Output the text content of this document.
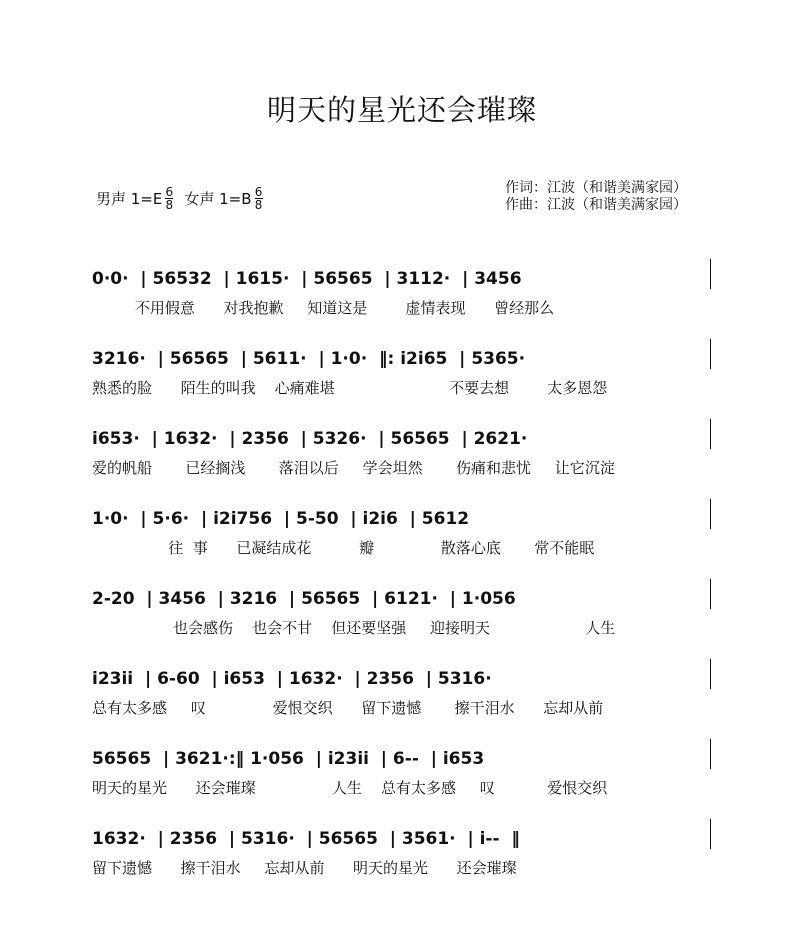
明天的星光还会璀璨
男声 $1=E \frac{6}{8}$ 女声 $1=B \frac{6}{8}$	作词：江波（和谐美满家园）
作曲：江波（和谐美满家园）
0·0·  | 56532  | 1615·  | 56565  | 3112·  | 3456
不用假意      对我抱歉     知道这是        虚情表现      曾经那么
3216·  | 56565  | 5611·  | 1·0·  ‖: i2i65  | 5365·
熟悉的脸      陌生的叫我    心痛难堪                        不要去想        太多恩怨
i653·  | 1632·  | 2356  | 5326·  | 56565  | 2621·
爱的帆船       已经搁浅       落泪以后     学会坦然       伤痛和悲忧     让它沉淀
1·0·  | 5·6·  | i2i756  | 5-50  | i2i6  | 5612
往  事      已凝结成花          瓣              散落心底       常不能眠
2-20  | 3456  | 3216  | 56565  | 6121·  | 1·056
也会感伤    也会不甘    但还要坚强     迎接明天                    人生
i23ii  | 6-60  | i653  | 1632·  | 2356  | 5316·
总有太多感     叹              爱恨交织      留下遗憾       擦干泪水      忘却从前
56565  | 3621·:‖ 1·056  | i23ii  | 6--  | i653
明天的星光      还会璀璨                人生    总有太多感     叹           爱恨交织
1632·  | 2356  | 5316·  | 56565  | 3561·  | i--  ‖
留下遗憾      擦干泪水     忘却从前      明天的星光      还会璀璨
